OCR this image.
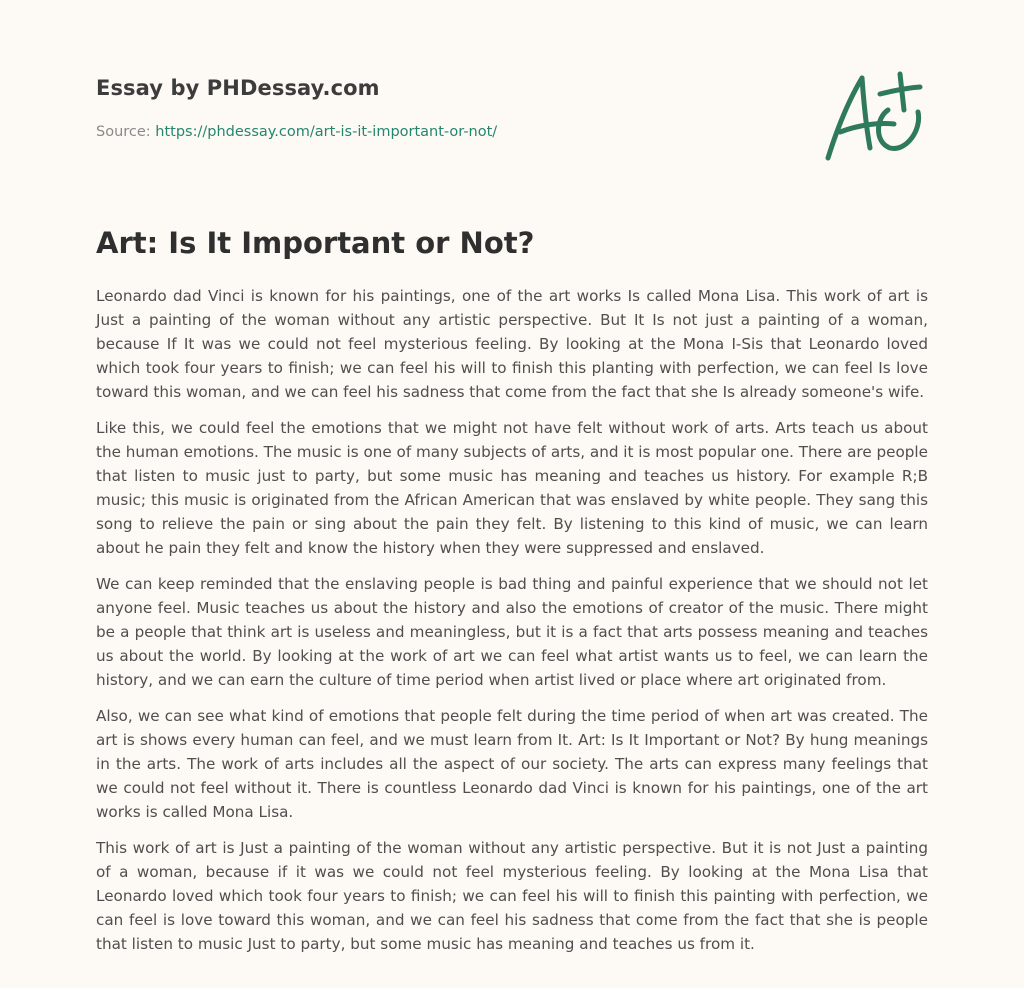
Essay by PHDessay.com
Source: https://phdessay.com/art-is-it-important-or-not/
Art: Is It Important or Not?

Leonardo dad Vinci is known for his paintings, one of the art works Is called Mona Lisa. This work of art is Just a painting of the woman without any artistic perspective. But It Is not just a painting of a woman, because If It was we could not feel mysterious feeling. By looking at the Mona I-Sis that Leonardo loved which took four years to finish; we can feel his will to finish this planting with perfection, we can feel Is love toward this woman, and we can feel his sadness that come from the fact that she Is already someone's wife.

Like this, we could feel the emotions that we might not have felt without work of arts. Arts teach us about the human emotions. The music is one of many subjects of arts, and it is most popular one. There are people that listen to music just to party, but some music has meaning and teaches us history. For example R;B music; this music is originated from the African American that was enslaved by white people. They sang this song to relieve the pain or sing about the pain they felt. By listening to this kind of music, we can learn about he pain they felt and know the history when they were suppressed and enslaved.

We can keep reminded that the enslaving people is bad thing and painful experience that we should not let anyone feel. Music teaches us about the history and also the emotions of creator of the music. There might be a people that think art is useless and meaningless, but it is a fact that arts possess meaning and teaches us about the world. By looking at the work of art we can feel what artist wants us to feel, we can learn the history, and we can earn the culture of time period when artist lived or place where art originated from.

Also, we can see what kind of emotions that people felt during the time period of when art was created. The art is shows every human can feel, and we must learn from It. Art: Is It Important or Not? By hung meanings in the arts. The work of arts includes all the aspect of our society. The arts can express many feelings that we could not feel without it. There is countless Leonardo dad Vinci is known for his paintings, one of the art works is called Mona Lisa.

This work of art is Just a painting of the woman without any artistic perspective. But it is not Just a painting of a woman, because if it was we could not feel mysterious feeling. By looking at the Mona Lisa that Leonardo loved which took four years to finish; we can feel his will to finish this painting with perfection, we can feel is love toward this woman, and we can feel his sadness that come from the fact that she is people that listen to music Just to party, but some music has meaning and teaches us from it.
